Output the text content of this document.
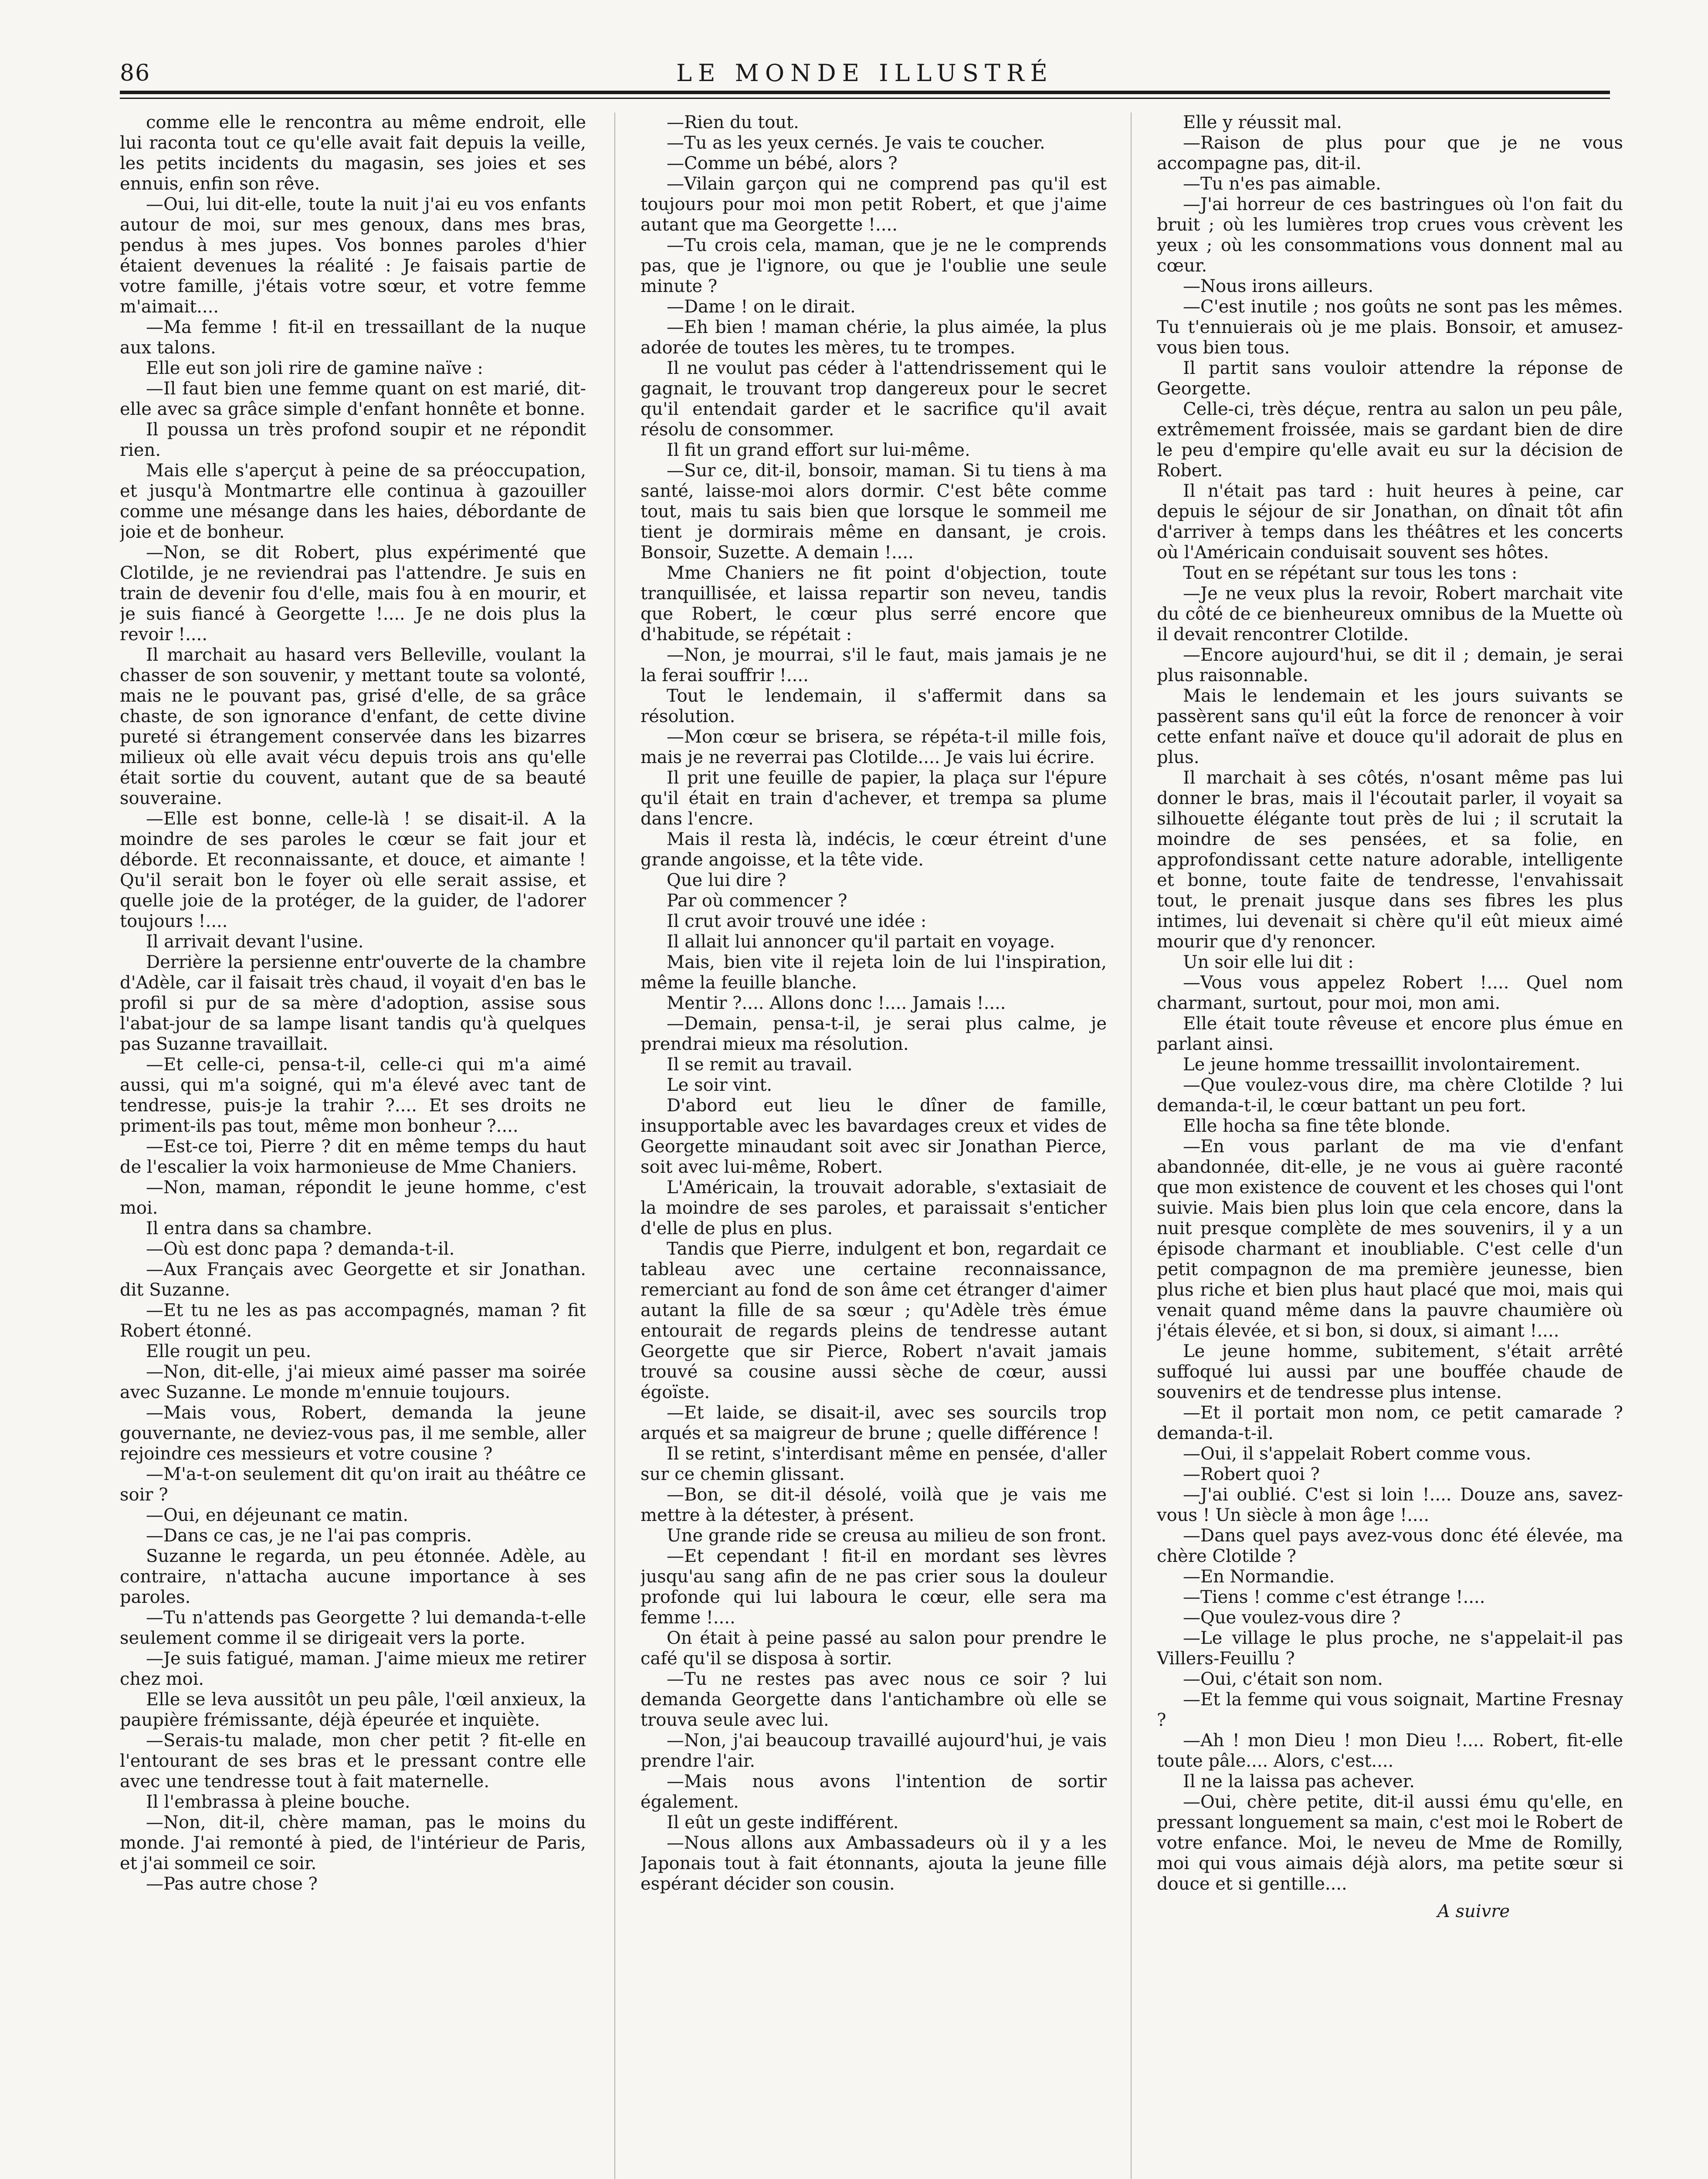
86	LE MONDE ILLUSTRÉ

comme elle le rencontra au même endroit, elle lui raconta tout ce qu'elle avait fait depuis la veille, les petits incidents du magasin, ses joies et ses ennuis, enfin son rêve.

—Oui, lui dit-elle, toute la nuit j'ai eu vos enfants autour de moi, sur mes genoux, dans mes bras, pendus à mes jupes. Vos bonnes paroles d'hier étaient devenues la réalité : Je faisais partie de votre famille, j'étais votre sœur, et votre femme m'aimait....

—Ma femme ! fit-il en tressaillant de la nuque aux talons.

Elle eut son joli rire de gamine naïve :

—Il faut bien une femme quant on est marié, dit-elle avec sa grâce simple d'enfant honnête et bonne.

Il poussa un très profond soupir et ne répondit rien.

Mais elle s'aperçut à peine de sa préoccupation, et jusqu'à Montmartre elle continua à gazouiller comme une mésange dans les haies, débordante de joie et de bonheur.

—Non, se dit Robert, plus expérimenté que Clotilde, je ne reviendrai pas l'attendre. Je suis en train de devenir fou d'elle, mais fou à en mourir, et je suis fiancé à Georgette !.... Je ne dois plus la revoir !....

Il marchait au hasard vers Belleville, voulant la chasser de son souvenir, y mettant toute sa volonté, mais ne le pouvant pas, grisé d'elle, de sa grâce chaste, de son ignorance d'enfant, de cette divine pureté si étrangement conservée dans les bizarres milieux où elle avait vécu depuis trois ans qu'elle était sortie du couvent, autant que de sa beauté souveraine.

—Elle est bonne, celle-là ! se disait-il. A la moindre de ses paroles le cœur se fait jour et déborde. Et reconnaissante, et douce, et aimante ! Qu'il serait bon le foyer où elle serait assise, et quelle joie de la protéger, de la guider, de l'adorer toujours !....

Il arrivait devant l'usine.

Derrière la persienne entr'ouverte de la chambre d'Adèle, car il faisait très chaud, il voyait d'en bas le profil si pur de sa mère d'adoption, assise sous l'abat-jour de sa lampe lisant tandis qu'à quelques pas Suzanne travaillait.

—Et celle-ci, pensa-t-il, celle-ci qui m'a aimé aussi, qui m'a soigné, qui m'a élevé avec tant de tendresse, puis-je la trahir ?.... Et ses droits ne priment-ils pas tout, même mon bonheur ?....

—Est-ce toi, Pierre ? dit en même temps du haut de l'escalier la voix harmonieuse de Mme Chaniers.

—Non, maman, répondit le jeune homme, c'est moi.

Il entra dans sa chambre.

—Où est donc papa ? demanda-t-il.

—Aux Français avec Georgette et sir Jonathan. dit Suzanne.

—Et tu ne les as pas accompagnés, maman ? fit Robert étonné.

Elle rougit un peu.

—Non, dit-elle, j'ai mieux aimé passer ma soirée avec Suzanne. Le monde m'ennuie toujours.

—Mais vous, Robert, demanda la jeune gouvernante, ne deviez-vous pas, il me semble, aller rejoindre ces messieurs et votre cousine ?

—M'a-t-on seulement dit qu'on irait au théâtre ce soir ?

—Oui, en déjeunant ce matin.

—Dans ce cas, je ne l'ai pas compris.

Suzanne le regarda, un peu étonnée. Adèle, au contraire, n'attacha aucune importance à ses paroles.

—Tu n'attends pas Georgette ? lui demanda-t-elle seulement comme il se dirigeait vers la porte.

—Je suis fatigué, maman. J'aime mieux me retirer chez moi.

Elle se leva aussitôt un peu pâle, l'œil anxieux, la paupière frémissante, déjà épeurée et inquiète.

—Serais-tu malade, mon cher petit ? fit-elle en l'entourant de ses bras et le pressant contre elle avec une tendresse tout à fait maternelle.

Il l'embrassa à pleine bouche.

—Non, dit-il, chère maman, pas le moins du monde. J'ai remonté à pied, de l'intérieur de Paris, et j'ai sommeil ce soir.

—Pas autre chose ?

—Rien du tout.

—Tu as les yeux cernés. Je vais te coucher.

—Comme un bébé, alors ?

—Vilain garçon qui ne comprend pas qu'il est toujours pour moi mon petit Robert, et que j'aime autant que ma Georgette !....

—Tu crois cela, maman, que je ne le comprends pas, que je l'ignore, ou que je l'oublie une seule minute ?

—Dame ! on le dirait.

—Eh bien ! maman chérie, la plus aimée, la plus adorée de toutes les mères, tu te trompes.

Il ne voulut pas céder à l'attendrissement qui le gagnait, le trouvant trop dangereux pour le secret qu'il entendait garder et le sacrifice qu'il avait résolu de consommer.

Il fit un grand effort sur lui-même.

—Sur ce, dit-il, bonsoir, maman. Si tu tiens à ma santé, laisse-moi alors dormir. C'est bête comme tout, mais tu sais bien que lorsque le sommeil me tient je dormirais même en dansant, je crois. Bonsoir, Suzette. A demain !....

Mme Chaniers ne fit point d'objection, toute tranquillisée, et laissa repartir son neveu, tandis que Robert, le cœur plus serré encore que d'habitude, se répétait :

—Non, je mourrai, s'il le faut, mais jamais je ne la ferai souffrir !....

Tout le lendemain, il s'affermit dans sa résolution.

—Mon cœur se brisera, se répéta-t-il mille fois, mais je ne reverrai pas Clotilde.... Je vais lui écrire.

Il prit une feuille de papier, la plaça sur l'épure qu'il était en train d'achever, et trempa sa plume dans l'encre.

Mais il resta là, indécis, le cœur étreint d'une grande angoisse, et la tête vide.

Que lui dire ?

Par où commencer ?

Il crut avoir trouvé une idée :

Il allait lui annoncer qu'il partait en voyage.

Mais, bien vite il rejeta loin de lui l'inspiration, même la feuille blanche.

Mentir ?.... Allons donc !.... Jamais !....

—Demain, pensa-t-il, je serai plus calme, je prendrai mieux ma résolution.

Il se remit au travail.

Le soir vint.

D'abord eut lieu le dîner de famille, insupportable avec les bavardages creux et vides de Georgette minaudant soit avec sir Jonathan Pierce, soit avec lui-même, Robert.

L'Américain, la trouvait adorable, s'extasiait de la moindre de ses paroles, et paraissait s'enticher d'elle de plus en plus.

Tandis que Pierre, indulgent et bon, regardait ce tableau avec une certaine reconnaissance, remerciant au fond de son âme cet étranger d'aimer autant la fille de sa sœur ; qu'Adèle très émue entourait de regards pleins de tendresse autant Georgette que sir Pierce, Robert n'avait jamais trouvé sa cousine aussi sèche de cœur, aussi égoïste.

—Et laide, se disait-il, avec ses sourcils trop arqués et sa maigreur de brune ; quelle différence !

Il se retint, s'interdisant même en pensée, d'aller sur ce chemin glissant.

—Bon, se dit-il désolé, voilà que je vais me mettre à la détester, à présent.

Une grande ride se creusa au milieu de son front.

—Et cependant ! fit-il en mordant ses lèvres jusqu'au sang afin de ne pas crier sous la douleur profonde qui lui laboura le cœur, elle sera ma femme !....

On était à peine passé au salon pour prendre le café qu'il se disposa à sortir.

—Tu ne restes pas avec nous ce soir ? lui demanda Georgette dans l'antichambre où elle se trouva seule avec lui.

—Non, j'ai beaucoup travaillé aujourd'hui, je vais prendre l'air.

—Mais nous avons l'intention de sortir également.

Il eût un geste indifférent.

—Nous allons aux Ambassadeurs où il y a les Japonais tout à fait étonnants, ajouta la jeune fille espérant décider son cousin.

Elle y réussit mal.

—Raison de plus pour que je ne vous accompagne pas, dit-il.

—Tu n'es pas aimable.

—J'ai horreur de ces bastringues où l'on fait du bruit ; où les lumières trop crues vous crèvent les yeux ; où les consommations vous donnent mal au cœur.

—Nous irons ailleurs.

—C'est inutile ; nos goûts ne sont pas les mêmes. Tu t'ennuierais où je me plais. Bonsoir, et amusez-vous bien tous.

Il partit sans vouloir attendre la réponse de Georgette.

Celle-ci, très déçue, rentra au salon un peu pâle, extrêmement froissée, mais se gardant bien de dire le peu d'empire qu'elle avait eu sur la décision de Robert.

Il n'était pas tard : huit heures à peine, car depuis le séjour de sir Jonathan, on dînait tôt afin d'arriver à temps dans les théâtres et les concerts où l'Américain conduisait souvent ses hôtes.

Tout en se répétant sur tous les tons :

—Je ne veux plus la revoir, Robert marchait vite du côté de ce bienheureux omnibus de la Muette où il devait rencontrer Clotilde.

—Encore aujourd'hui, se dit il ; demain, je serai plus raisonnable.

Mais le lendemain et les jours suivants se passèrent sans qu'il eût la force de renoncer à voir cette enfant naïve et douce qu'il adorait de plus en plus.

Il marchait à ses côtés, n'osant même pas lui donner le bras, mais il l'écoutait parler, il voyait sa silhouette élégante tout près de lui ; il scrutait la moindre de ses pensées, et sa folie, en approfondissant cette nature adorable, intelligente et bonne, toute faite de tendresse, l'envahissait tout, le prenait jusque dans ses fibres les plus intimes, lui devenait si chère qu'il eût mieux aimé mourir que d'y renoncer.

Un soir elle lui dit :

—Vous vous appelez Robert !.... Quel nom charmant, surtout, pour moi, mon ami.

Elle était toute rêveuse et encore plus émue en parlant ainsi.

Le jeune homme tressaillit involontairement.

—Que voulez-vous dire, ma chère Clotilde ? lui demanda-t-il, le cœur battant un peu fort.

Elle hocha sa fine tête blonde.

—En vous parlant de ma vie d'enfant abandonnée, dit-elle, je ne vous ai guère raconté que mon existence de couvent et les choses qui l'ont suivie. Mais bien plus loin que cela encore, dans la nuit presque complète de mes souvenirs, il y a un épisode charmant et inoubliable. C'est celle d'un petit compagnon de ma première jeunesse, bien plus riche et bien plus haut placé que moi, mais qui venait quand même dans la pauvre chaumière où j'étais élevée, et si bon, si doux, si aimant !....

Le jeune homme, subitement, s'était arrêté suffoqué lui aussi par une bouffée chaude de souvenirs et de tendresse plus intense.

—Et il portait mon nom, ce petit camarade ? demanda-t-il.

—Oui, il s'appelait Robert comme vous.

—Robert quoi ?

—J'ai oublié. C'est si loin !.... Douze ans, savez-vous ! Un siècle à mon âge !....

—Dans quel pays avez-vous donc été élevée, ma chère Clotilde ?

—En Normandie.

—Tiens ! comme c'est étrange !....

—Que voulez-vous dire ?

—Le village le plus proche, ne s'appelait-il pas Villers-Feuillu ?

—Oui, c'était son nom.

—Et la femme qui vous soignait, Martine Fresnay ?

—Ah ! mon Dieu ! mon Dieu !.... Robert, fit-elle toute pâle.... Alors, c'est....

Il ne la laissa pas achever.

—Oui, chère petite, dit-il aussi ému qu'elle, en pressant longuement sa main, c'est moi le Robert de votre enfance. Moi, le neveu de Mme de Romilly, moi qui vous aimais déjà alors, ma petite sœur si douce et si gentille....

A suivre
